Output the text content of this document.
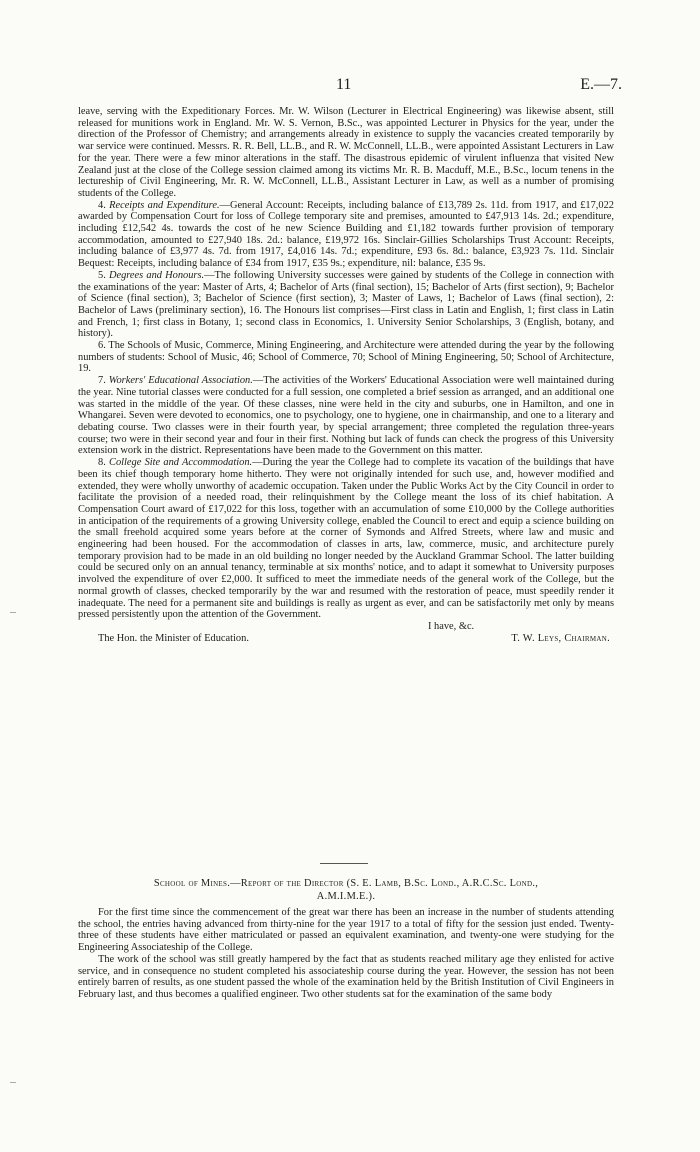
11	E.—7.

leave, serving with the Expeditionary Forces. Mr. W. Wilson (Lecturer in Electrical Engineering) was likewise absent, still released for munitions work in England. Mr. W. S. Vernon, B.Sc., was appointed Lecturer in Physics for the year, under the direction of the Professor of Chemistry; and arrangements already in existence to supply the vacancies created temporarily by war service were continued. Messrs. R. R. Bell, LL.B., and R. W. McConnell, LL.B., were appointed Assistant Lecturers in Law for the year. There were a few minor alterations in the staff. The disastrous epidemic of virulent influenza that visited New Zealand just at the close of the College session claimed among its victims Mr. R. B. Macduff, M.E., B.Sc., locum tenens in the lectureship of Civil Engineering, Mr. R. W. McConnell, LL.B., Assistant Lecturer in Law, as well as a number of promising students of the College.

4. Receipts and Expenditure.—General Account: Receipts, including balance of £13,789 2s. 11d. from 1917, and £17,022 awarded by Compensation Court for loss of College temporary site and premises, amounted to £47,913 14s. 2d.; expenditure, including £12,542 4s. towards the cost of he new Science Building and £1,182 towards further provision of temporary accommodation, amounted to £27,940 18s. 2d.: balance, £19,972 16s. Sinclair-Gillies Scholarships Trust Account: Receipts, including balance of £3,977 4s. 7d. from 1917, £4,016 14s. 7d.; expenditure, £93 6s. 8d.: balance, £3,923 7s. 11d. Sinclair Bequest: Receipts, including balance of £34 from 1917, £35 9s.; expenditure, nil: balance, £35 9s.

5. Degrees and Honours.—The following University successes were gained by students of the College in connection with the examinations of the year: Master of Arts, 4; Bachelor of Arts (final section), 15; Bachelor of Arts (first section), 9; Bachelor of Science (final section), 3; Bachelor of Science (first section), 3; Master of Laws, 1; Bachelor of Laws (final section), 2: Bachelor of Laws (preliminary section), 16. The Honours list comprises—First class in Latin and English, 1; first class in Latin and French, 1; first class in Botany, 1; second class in Economics, 1. University Senior Scholarships, 3 (English, botany, and history).

6. The Schools of Music, Commerce, Mining Engineering, and Architecture were attended during the year by the following numbers of students: School of Music, 46; School of Commerce, 70; School of Mining Engineering, 50; School of Architecture, 19.

7. Workers' Educational Association.—The activities of the Workers' Educational Association were well maintained during the year. Nine tutorial classes were conducted for a full session, one completed a brief session as arranged, and an additional one was started in the middle of the year. Of these classes, nine were held in the city and suburbs, one in Hamilton, and one in Whangarei. Seven were devoted to economics, one to psychology, one to hygiene, one in chairmanship, and one to a literary and debating course. Two classes were in their fourth year, by special arrangement; three completed the regulation three-years course; two were in their second year and four in their first. Nothing but lack of funds can check the progress of this University extension work in the district. Representations have been made to the Government on this matter.

8. College Site and Accommodation.—During the year the College had to complete its vacation of the buildings that have been its chief though temporary home hitherto. They were not originally intended for such use, and, however modified and extended, they were wholly unworthy of academic occupation. Taken under the Public Works Act by the City Council in order to facilitate the provision of a needed road, their relinquishment by the College meant the loss of its chief habitation. A Compensation Court award of £17,022 for this loss, together with an accumulation of some £10,000 by the College authorities in anticipation of the requirements of a growing University college, enabled the Council to erect and equip a science building on the small freehold acquired some years before at the corner of Symonds and Alfred Streets, where law and music and engineering had been housed. For the accommodation of classes in arts, law, commerce, music, and architecture purely temporary provision had to be made in an old building no longer needed by the Auckland Grammar School. The latter building could be secured only on an annual tenancy, terminable at six months' notice, and to adapt it somewhat to University purposes involved the expenditure of over £2,000. It sufficed to meet the immediate needs of the general work of the College, but the normal growth of classes, checked temporarily by the war and resumed with the restoration of peace, must speedily render it inadequate. The need for a permanent site and buildings is really as urgent as ever, and can be satisfactorily met only by means pressed persistently upon the attention of the Government.

I have, &c.
The Hon. the Minister of Education.	T. W. Leys, Chairman.
School of Mines.—Report of the Director (S. E. Lamb, B.Sc. Lond., A.R.C.Sc. Lond.,
A.M.I.M.E.).

For the first time since the commencement of the great war there has been an increase in the number of students attending the school, the entries having advanced from thirty-nine for the year 1917 to a total of fifty for the session just ended. Twenty-three of these students have either matriculated or passed an equivalent examination, and twenty-one were studying for the Engineering Associateship of the College.

The work of the school was still greatly hampered by the fact that as students reached military age they enlisted for active service, and in consequence no student completed his associateship course during the year. However, the session has not been entirely barren of results, as one student passed the whole of the examination held by the British Institution of Civil Engineers in February last, and thus becomes a qualified engineer. Two other students sat for the examination of the same body
